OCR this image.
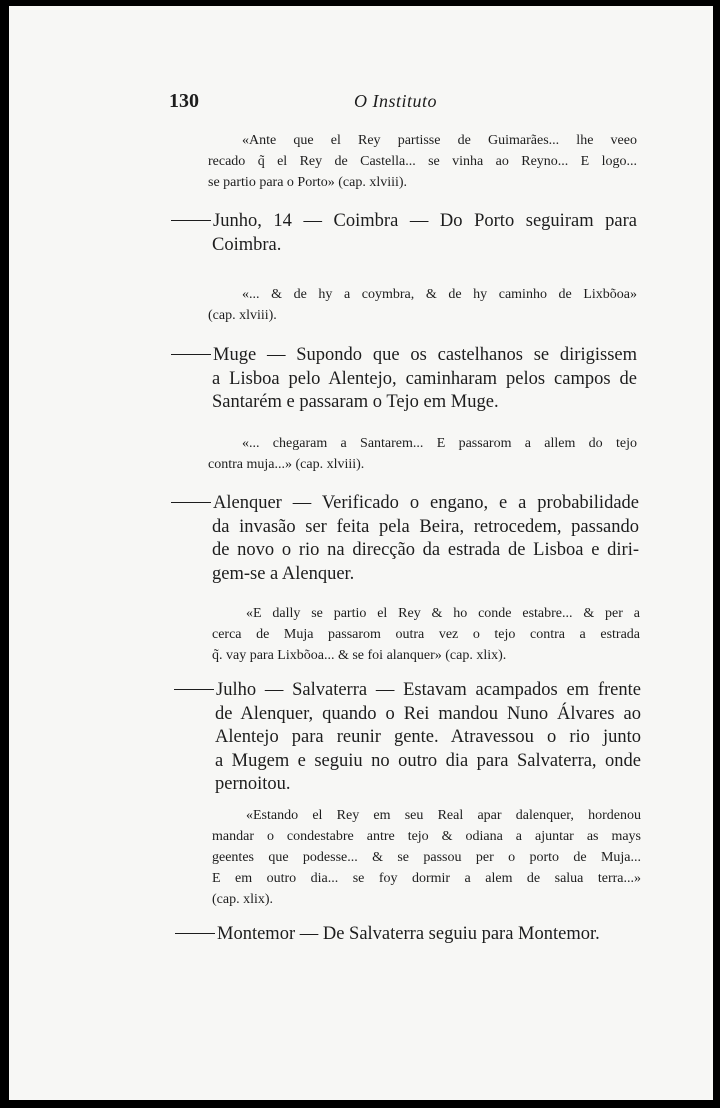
130	O Instituto
«Ante que el Rey partisse de Guimarães... lhe veeo
recado q̃ el Rey de Castella... se vinha ao Reyno... E logo...
se partio para o Porto» (cap. xlviii).
Junho, 14 — Coimbra — Do Porto seguiram para
Coimbra.
«... & de hy a coymbra, & de hy caminho de Lixbõoa»
(cap. xlviii).
Muge — Supondo que os castelhanos se dirigissem
a Lisboa pelo Alentejo, caminharam pelos campos de
Santarém e passaram o Tejo em Muge.
«... chegaram a Santarem... E passarom a allem do tejo
contra muja...» (cap. xlviii).
Alenquer — Verificado o engano, e a probabilidade
da invasão ser feita pela Beira, retrocedem, passando
de novo o rio na direcção da estrada de Lisboa e diri-
gem-se a Alenquer.
«E dally se partio el Rey & ho conde estabre... & per a
cerca de Muja passarom outra vez o tejo contra a estrada
q̃. vay para Lixbõoa... & se foi alanquer» (cap. xlix).
Julho — Salvaterra — Estavam acampados em frente
de Alenquer, quando o Rei mandou Nuno Álvares ao
Alentejo para reunir gente. Atravessou o rio junto
a Mugem e seguiu no outro dia para Salvaterra, onde
pernoitou.
«Estando el Rey em seu Real apar dalenquer, hordenou
mandar o condestabre antre tejo & odiana a ajuntar as mays
geentes que podesse... & se passou per o porto de Muja...
E em outro dia... se foy dormir a alem de salua terra...»
(cap. xlix).
Montemor — De Salvaterra seguiu para Montemor.
